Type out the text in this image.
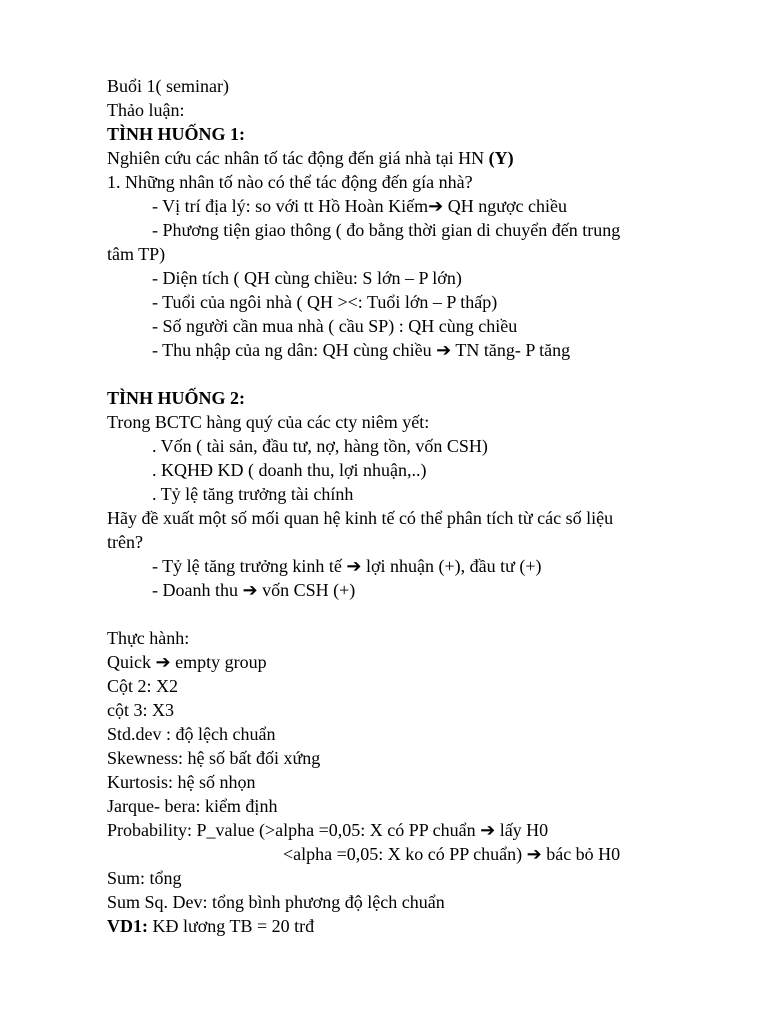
Buổi 1( seminar)
Thảo luận:
TÌNH HUỐNG 1:
Nghiên cứu các nhân tố tác động đến giá nhà tại HN (Y)
1. Những nhân tố nào có thể tác động đến gía nhà?
- Vị trí địa lý: so với tt Hồ Hoàn Kiếm➔ QH ngược chiều
- Phương tiện giao thông ( đo bằng thời gian di chuyển đến trung
tâm TP)
- Diện tích ( QH cùng chiều: S lớn – P lớn)
- Tuổi của ngôi nhà ( QH ><: Tuổi lớn – P thấp)
- Số người cần mua nhà ( cầu SP) : QH cùng chiều
- Thu nhập của ng dân: QH cùng chiều ➔ TN tăng- P tăng
TÌNH HUỐNG 2:
Trong BCTC hàng quý của các cty niêm yết:
. Vốn ( tài sản, đầu tư, nợ, hàng tồn, vốn CSH)
. KQHĐ KD ( doanh thu, lợi nhuận,..)
. Tỷ lệ tăng trưởng tài chính
Hãy đề xuất một số mối quan hệ kinh tế có thể phân tích từ các số liệu
trên?
- Tỷ lệ tăng trưởng kinh tế ➔ lợi nhuận (+), đầu tư (+)
- Doanh thu ➔ vốn CSH (+)
Thực hành:
Quick ➔ empty group
Cột 2: X2
cột 3: X3
Std.dev : độ lệch chuẩn
Skewness: hệ số bất đối xứng
Kurtosis: hệ số nhọn
Jarque- bera: kiểm định
Probability: P_value (>alpha =0,05: X có PP chuẩn ➔ lấy H0
<alpha =0,05: X ko có PP chuẩn) ➔ bác bỏ H0
Sum: tổng
Sum Sq. Dev: tổng bình phương độ lệch chuẩn
VD1: KĐ lương TB = 20 trđ
